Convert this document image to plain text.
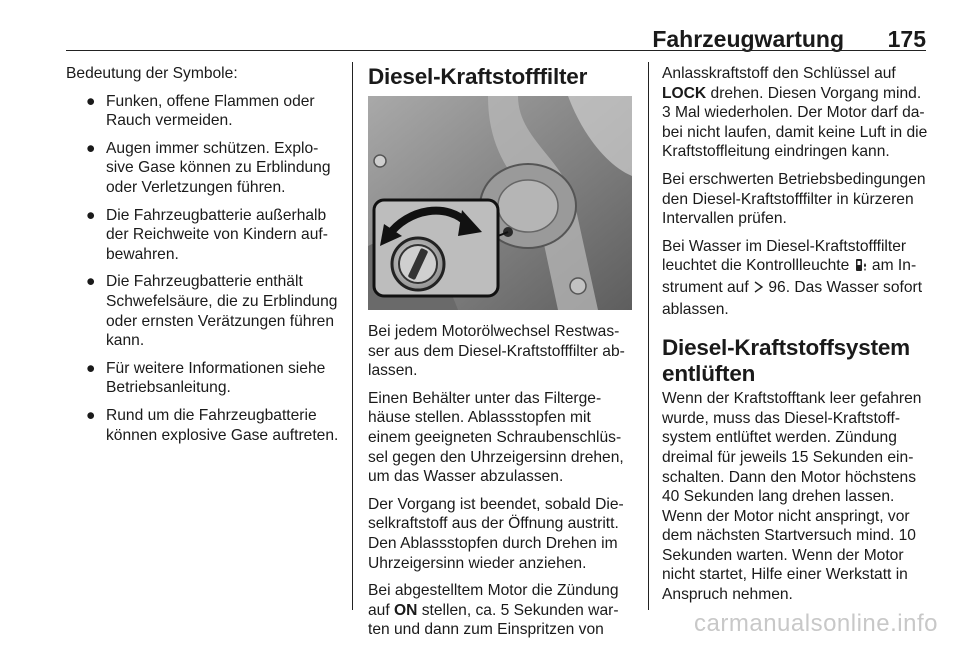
Fahrzeugwartung 175

Bedeutung der Symbole:

● Funken, offene Flammen oder Rauch vermeiden.
● Augen immer schützen. Explosive Gase können zu Erblindung oder Verletzungen führen.
● Die Fahrzeugbatterie außerhalb der Reichweite von Kindern aufbewahren.
● Die Fahrzeugbatterie enthält Schwefelsäure, die zu Erblindung oder ernsten Verätzungen führen kann.
● Für weitere Informationen siehe Betriebsanleitung.
● Rund um die Fahrzeugbatterie können explosive Gase auftreten.
Diesel-Kraftstofffilter

Bei jedem Motorölwechsel Restwasser aus dem Diesel-Kraftstofffilter ablassen.

Einen Behälter unter das Filtergehäuse stellen. Ablassstopfen mit einem geeigneten Schraubenschlüssel gegen den Uhrzeigersinn drehen, um das Wasser abzulassen.

Der Vorgang ist beendet, sobald Dieselkraftstoff aus der Öffnung austritt. Den Ablassstopfen durch Drehen im Uhrzeigersinn wieder anziehen.

Bei abgestelltem Motor die Zündung auf ON stellen, ca. 5 Sekunden warten und dann zum Einspritzen von

Anlasskraftstoff den Schlüssel auf LOCK drehen. Diesen Vorgang mind. 3 Mal wiederholen. Der Motor darf dabei nicht laufen, damit keine Luft in die Kraftstoffleitung eindringen kann.

Bei erschwerten Betriebsbedingungen den Diesel-Kraftstofffilter in kürzeren Intervallen prüfen.

Bei Wasser im Diesel-Kraftstofffilter leuchtet die Kontrollleuchte  am Instrument auf  96. Das Wasser sofort ablassen.

Diesel-Kraftstoffsystem entlüften

Wenn der Kraftstofftank leer gefahren wurde, muss das Diesel-Kraftstoffsystem entlüftet werden. Zündung dreimal für jeweils 15 Sekunden einschalten. Dann den Motor höchstens 40 Sekunden lang drehen lassen. Wenn der Motor nicht anspringt, vor dem nächsten Startversuch mind. 10 Sekunden warten. Wenn der Motor nicht startet, Hilfe einer Werkstatt in Anspruch nehmen.

carmanualsonline.info
